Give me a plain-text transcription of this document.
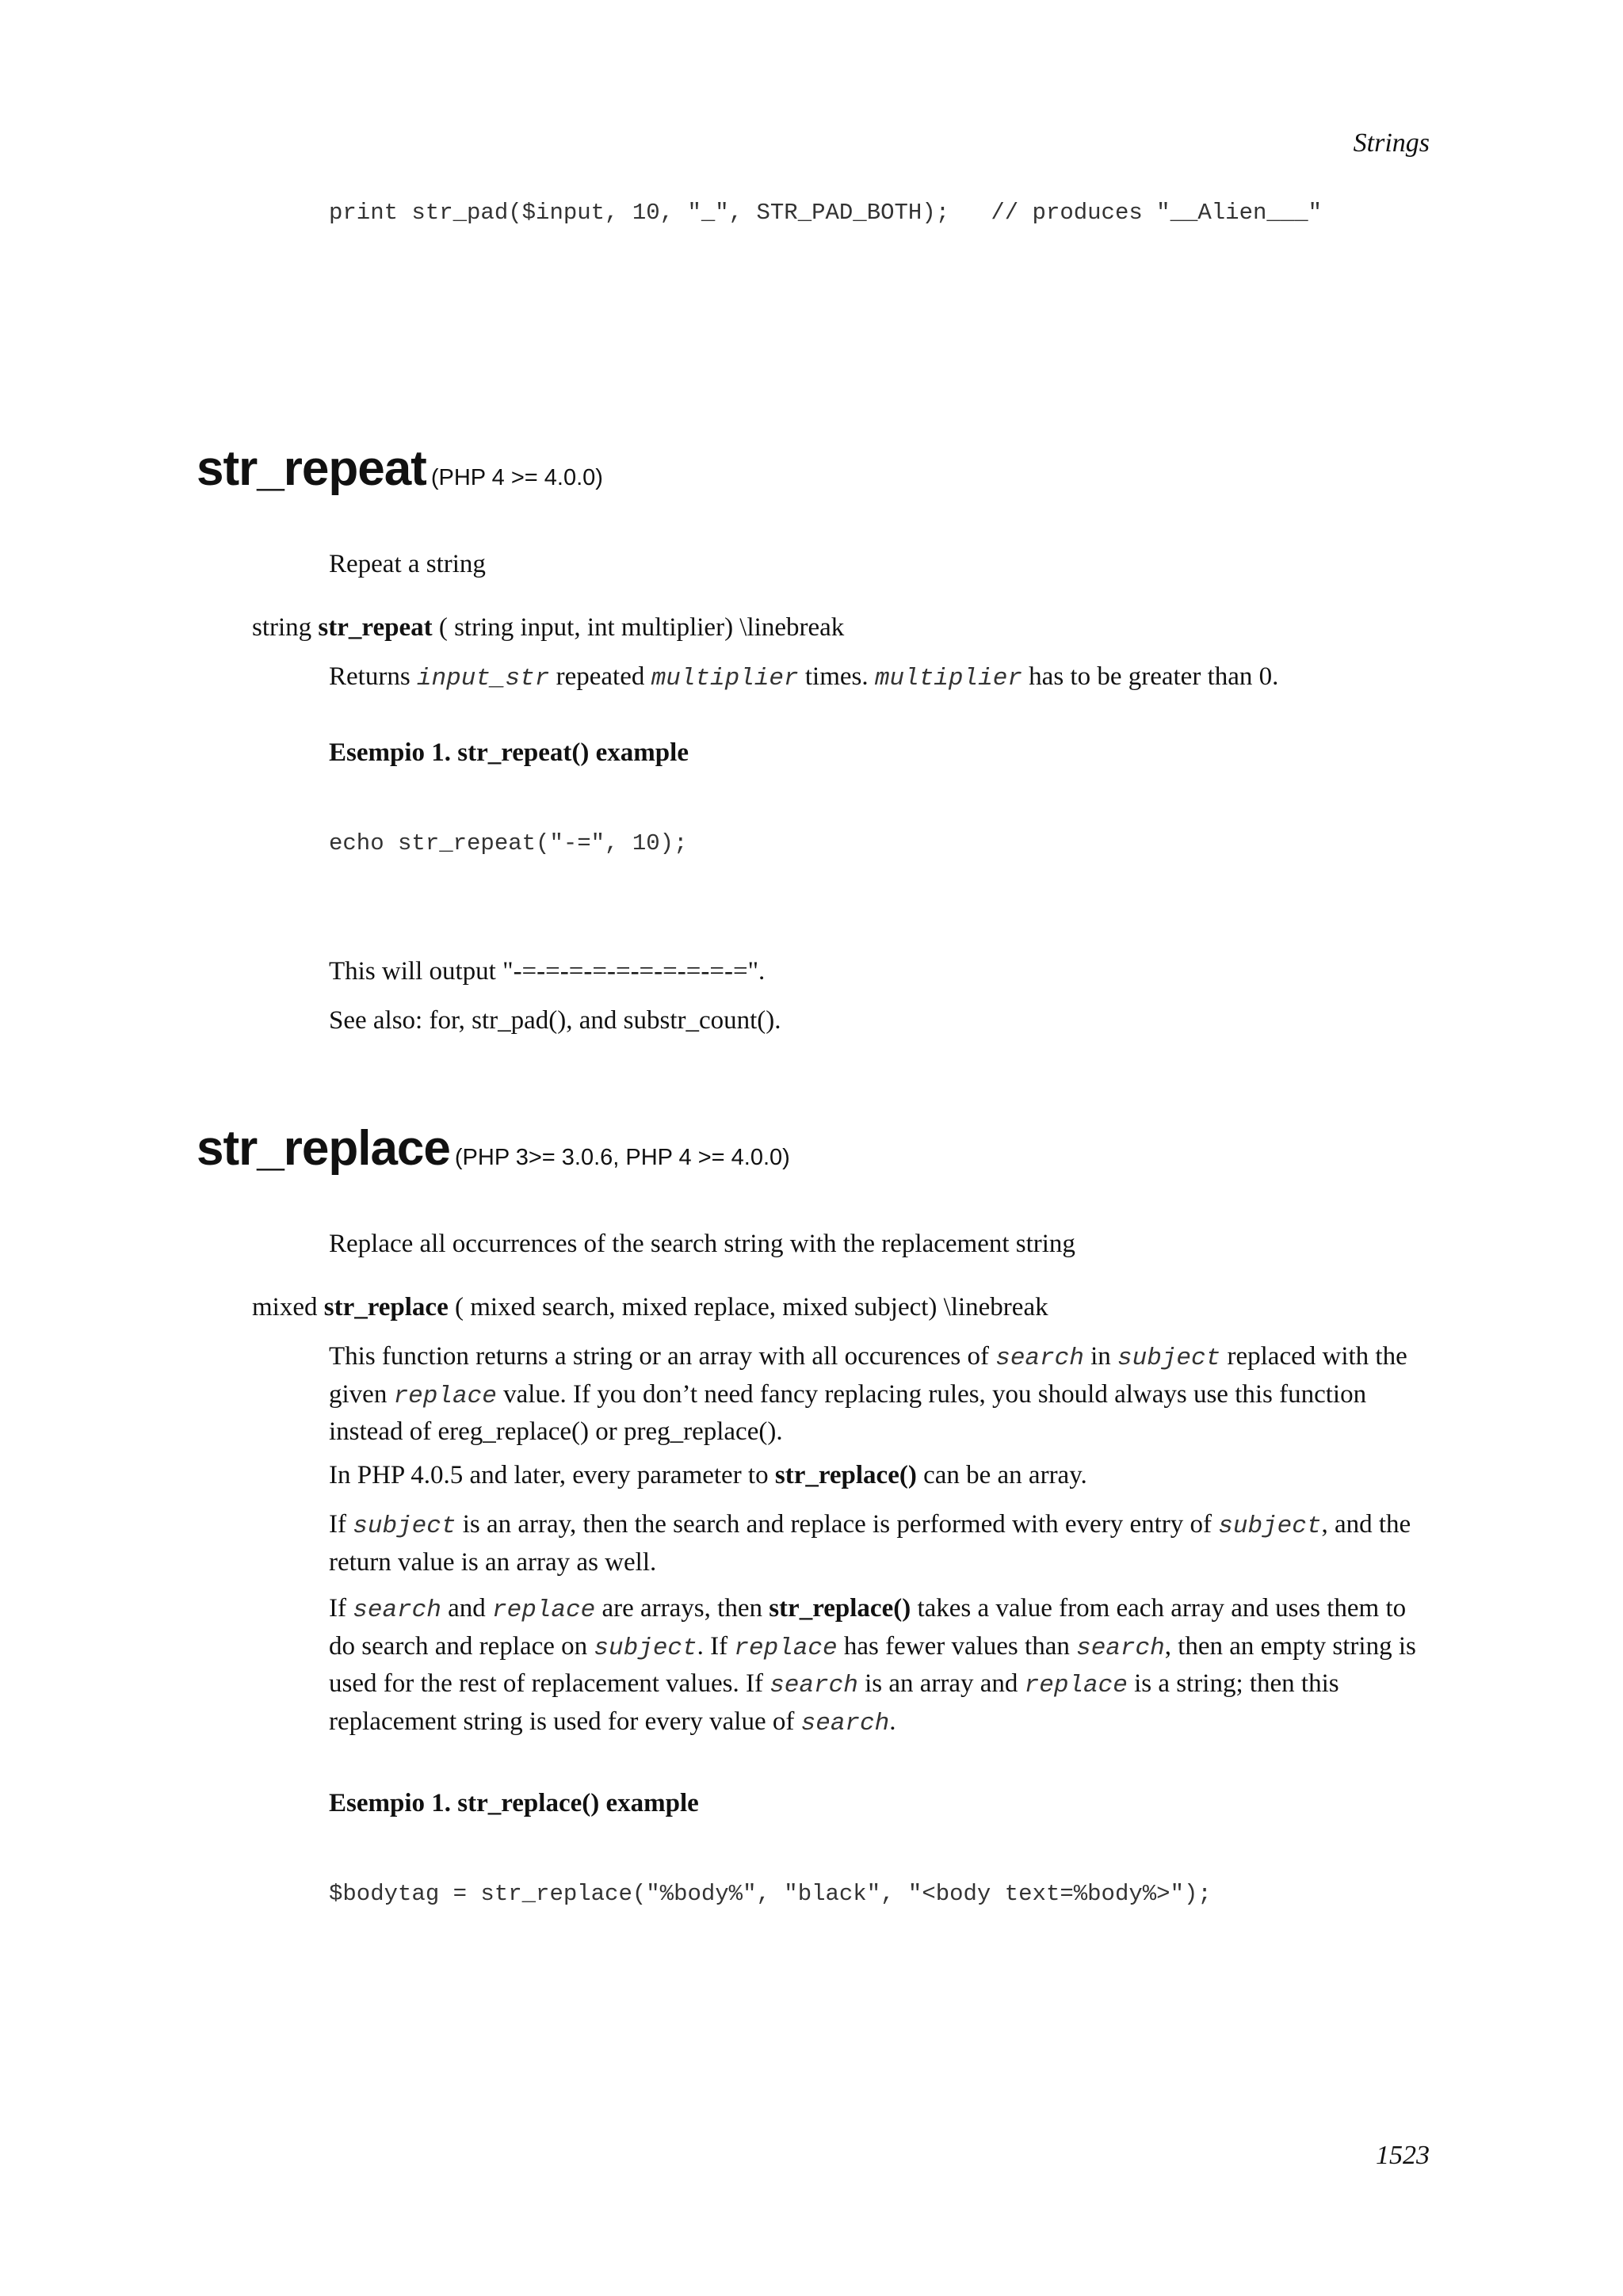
Strings
print str_pad($input, 10, "_", STR_PAD_BOTH);   // produces "__Alien___"
str_repeat (PHP 4 >= 4.0.0)
Repeat a string
string str_repeat ( string input, int multiplier) \linebreak
Returns input_str repeated multiplier times. multiplier has to be greater than 0.
Esempio 1. str_repeat() example
echo str_repeat("-=", 10);
This will output "-=-=-=-=-=-=-=-=-=-=".
See also: for, str_pad(), and substr_count().
str_replace (PHP 3>= 3.0.6, PHP 4 >= 4.0.0)
Replace all occurrences of the search string with the replacement string
mixed str_replace ( mixed search, mixed replace, mixed subject) \linebreak
This function returns a string or an array with all occurences of search in subject replaced with the given replace value. If you don’t need fancy replacing rules, you should always use this function instead of ereg_replace() or preg_replace().
In PHP 4.0.5 and later, every parameter to str_replace() can be an array.
If subject is an array, then the search and replace is performed with every entry of subject, and the return value is an array as well.
If search and replace are arrays, then str_replace() takes a value from each array and uses them to do search and replace on subject. If replace has fewer values than search, then an empty string is used for the rest of replacement values. If search is an array and replace is a string; then this replacement string is used for every value of search.
Esempio 1. str_replace() example
$bodytag = str_replace("%body%", "black", "<body text=%body%>");
1523
